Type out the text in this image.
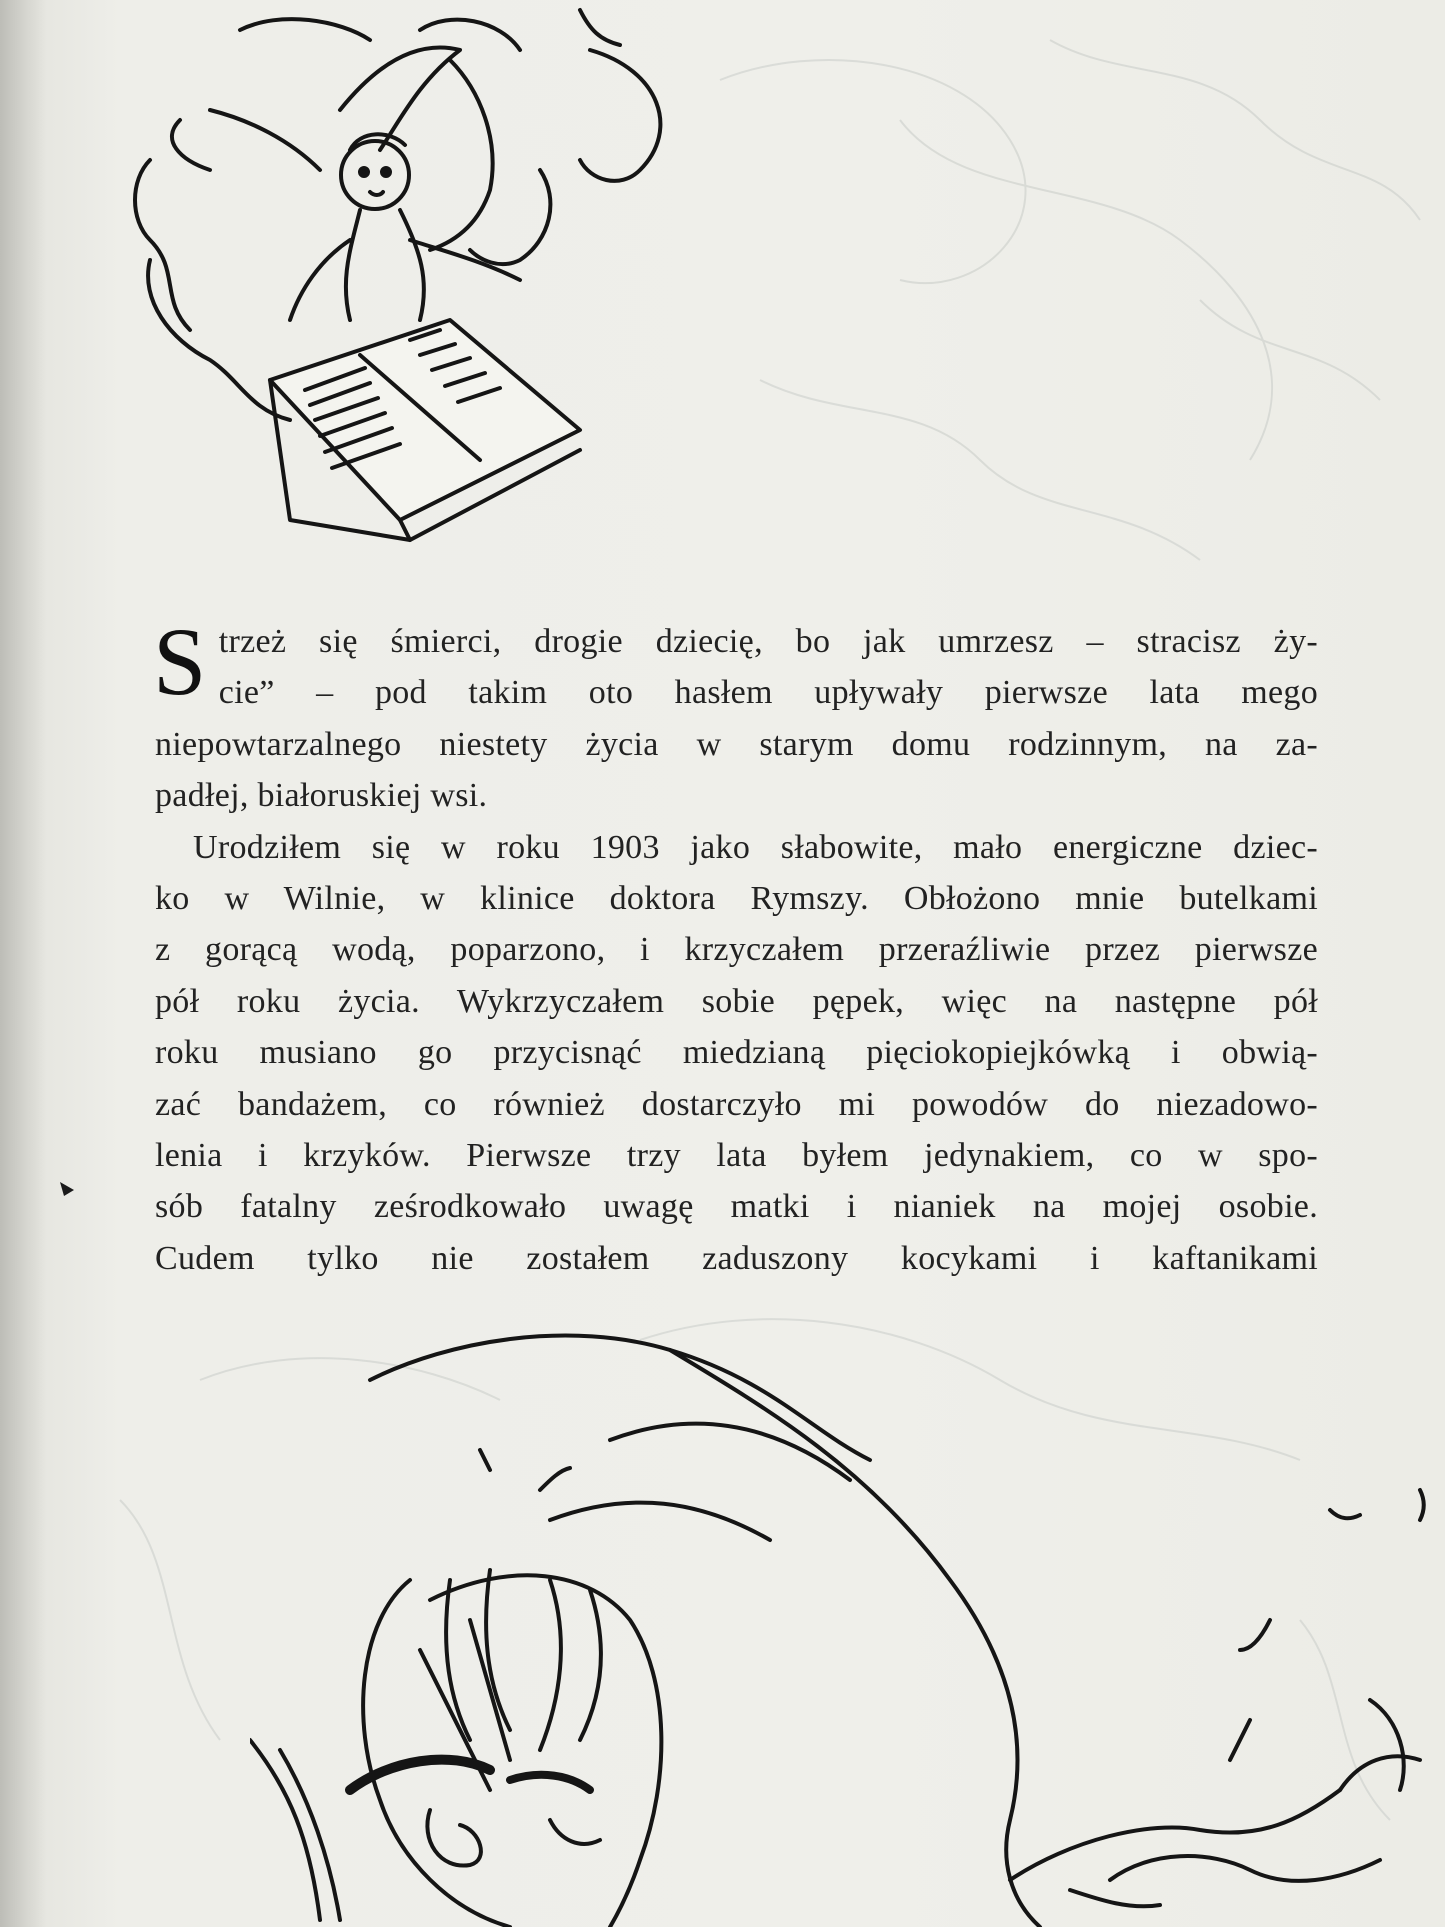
S trzeż się śmierci, drogie dziecię, bo jak umrzesz – stracisz ży-
cie” – pod takim oto hasłem upływały pierwsze lata mego
niepowtarzalnego niestety życia w starym domu rodzinnym, na za-
padłej, białoruskiej wsi.

Urodziłem się w roku 1903 jako słabowite, mało energiczne dziec-
ko w Wilnie, w klinice doktora Rymszy. Obłożono mnie butelkami
z gorącą wodą, poparzono, i krzyczałem przeraźliwie przez pierwsze
pół roku życia. Wykrzyczałem sobie pępek, więc na następne pół
roku musiano go przycisnąć miedzianą pięciokopiejkówką i obwią-
zać bandażem, co również dostarczyło mi powodów do niezadowo-
lenia i krzyków. Pierwsze trzy lata byłem jedynakiem, co w spo-
sób fatalny ześrodkowało uwagę matki i nianiek na mojej osobie.
Cudem tylko nie zostałem zaduszony kocykami i kaftanikami
